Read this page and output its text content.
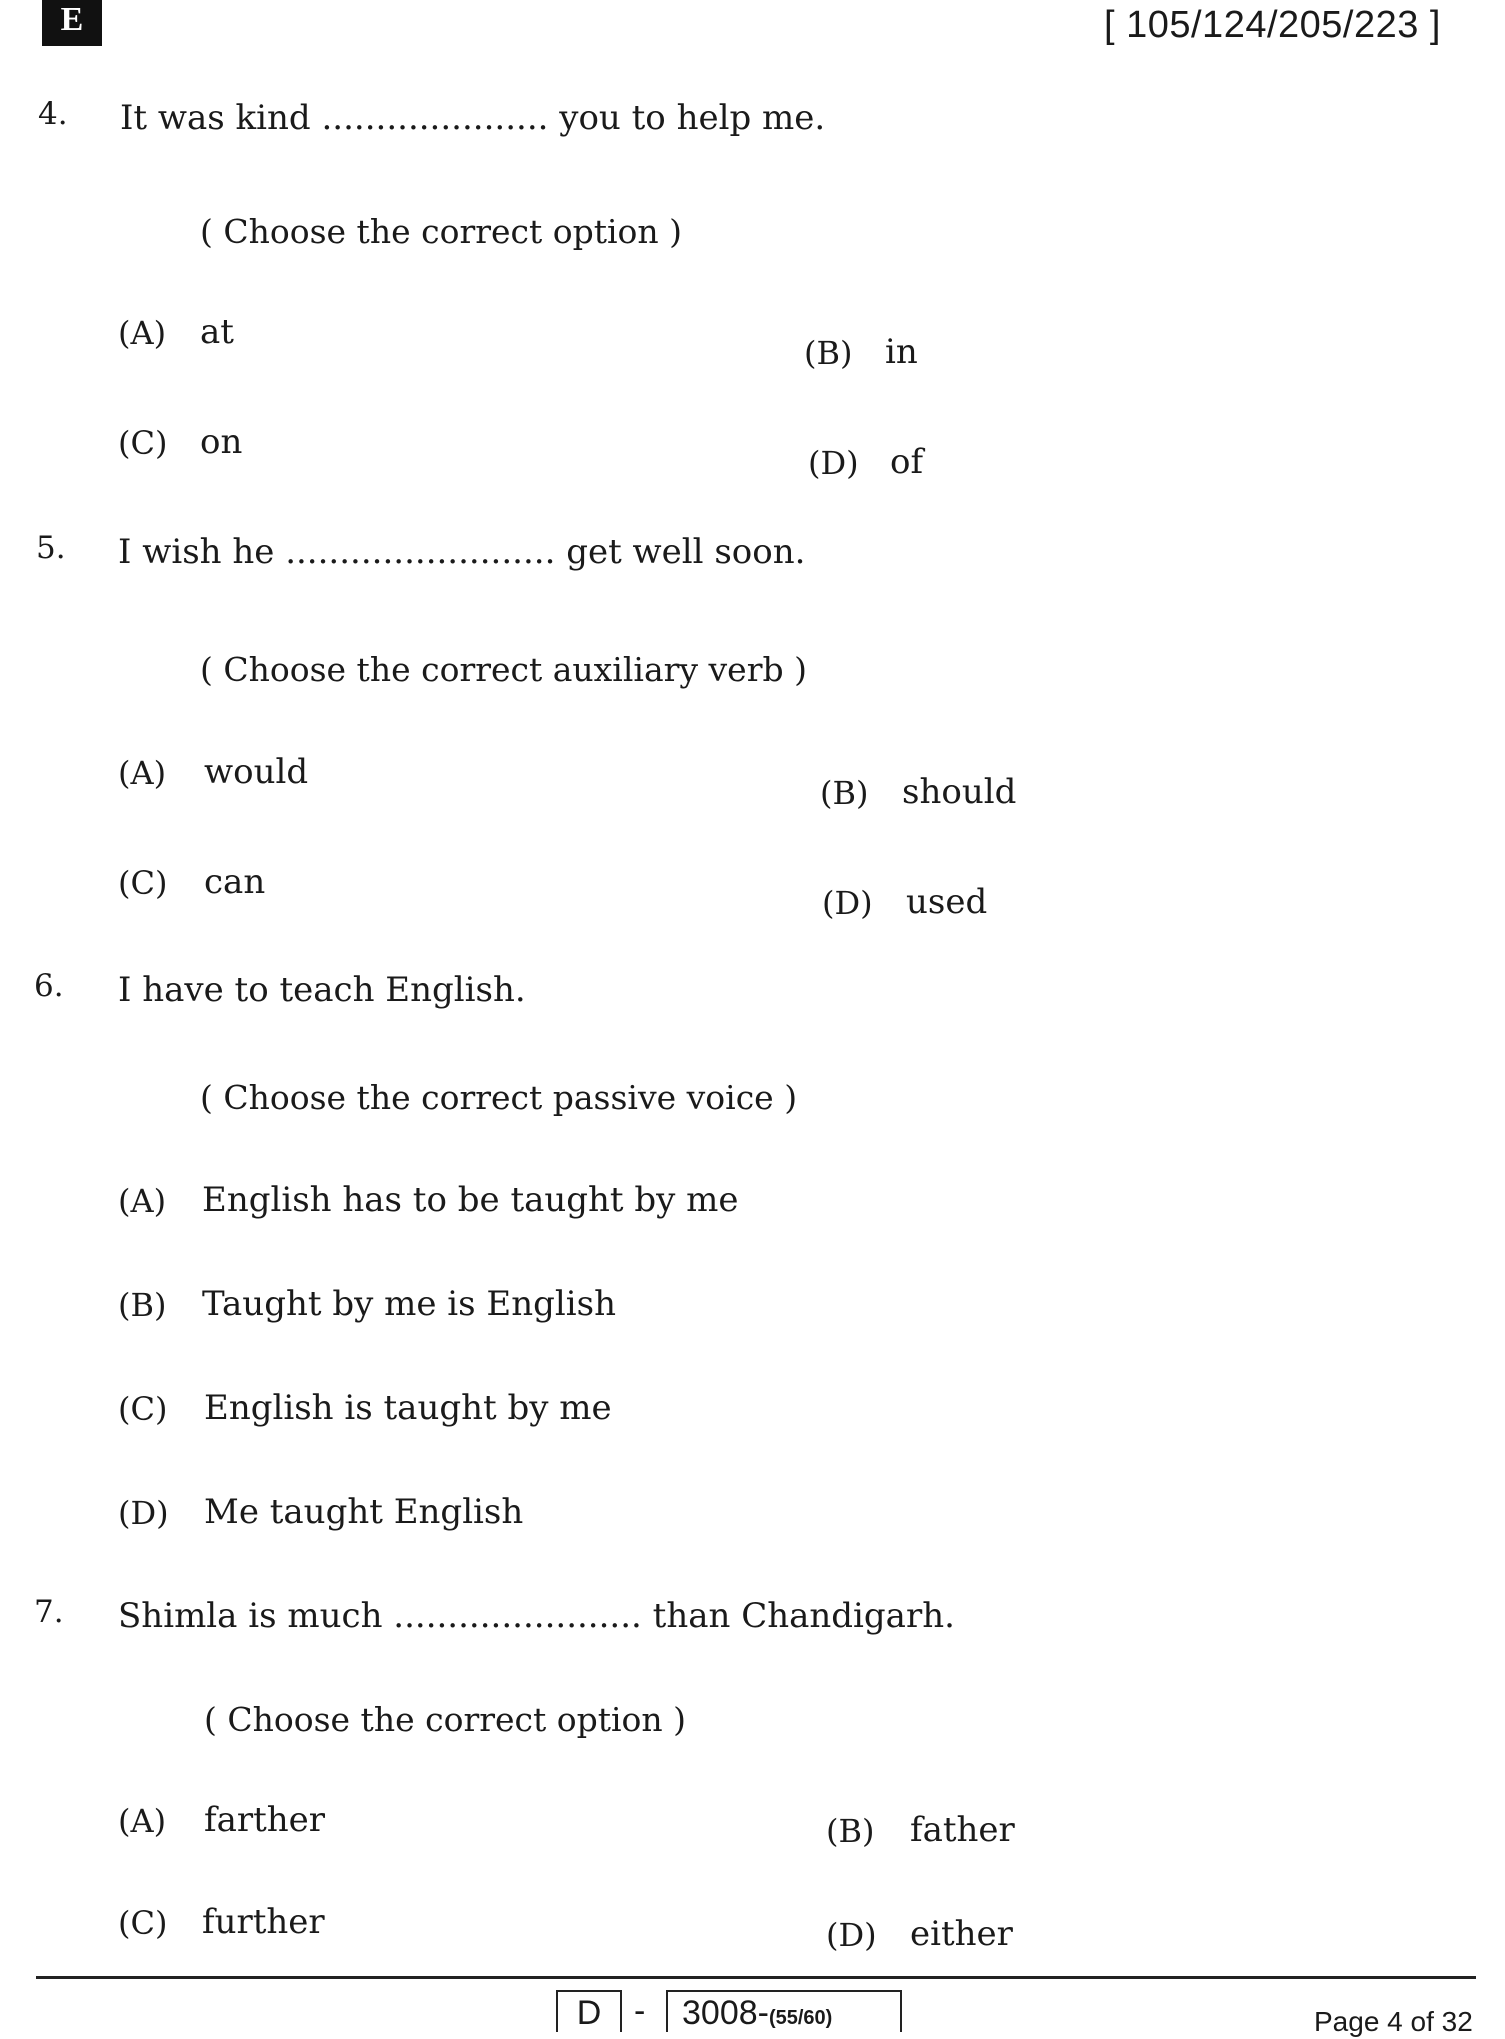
E	[ 105/124/205/223 ]
4. It was kind ..................... you to help me.
( Choose the correct option )
(A) at
(B) in
(C) on
(D) of
5. I wish he ......................... get well soon.
( Choose the correct auxiliary verb )
(A) would
(B) should
(C) can
(D) used
6. I have to teach English.
( Choose the correct passive voice )
(A) English has to be taught by me
(B) Taught by me is English
(C) English is taught by me
(D) Me taught English
7. Shimla is much ....................... than Chandigarh.
( Choose the correct option )
(A) farther	(B) father
(C) further	(D) either
D -	3008-(55/60)	Page 4 of 32
